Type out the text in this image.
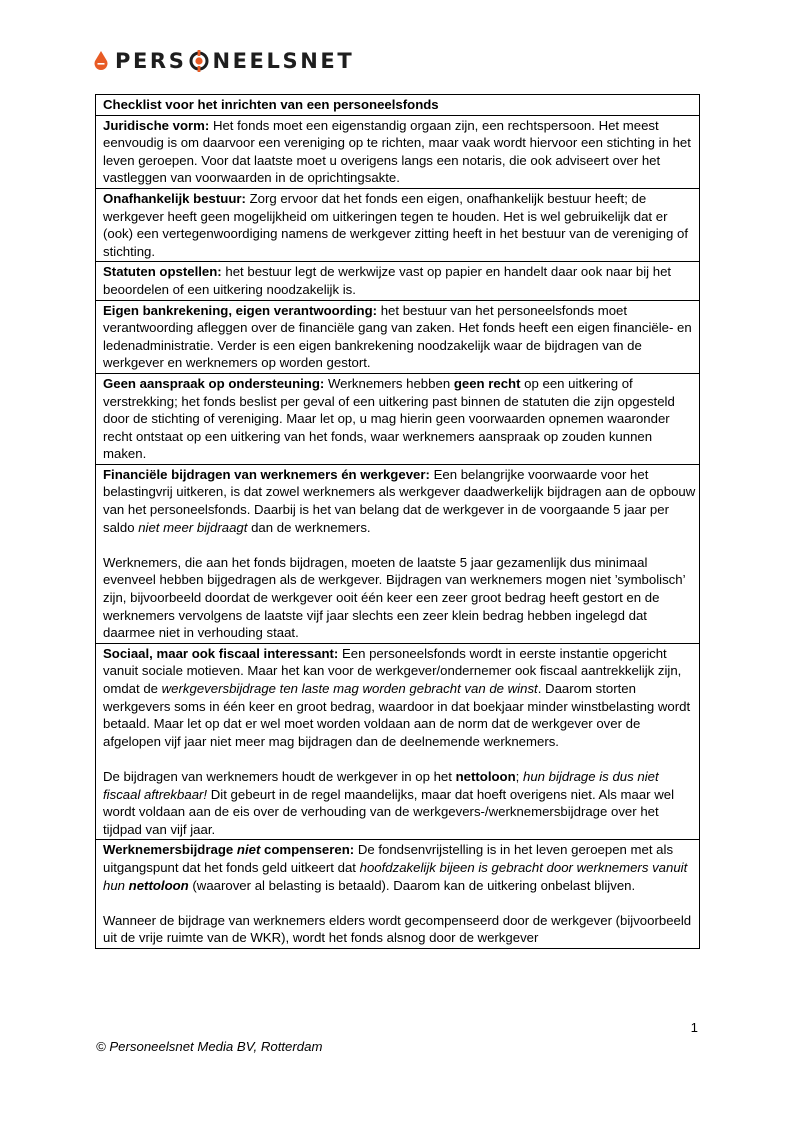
PERS NEELSNET
Checklist voor het inrichten van een personeelsfonds
Juridische vorm: Het fonds moet een eigenstandig orgaan zijn, een rechtspersoon. Het meest eenvoudig is om daarvoor een vereniging op te richten, maar vaak wordt hiervoor een stichting in het leven geroepen. Voor dat laatste moet u overigens langs een notaris, die ook adviseert over het vastleggen van voorwaarden in de oprichtingsakte.
Onafhankelijk bestuur: Zorg ervoor dat het fonds een eigen, onafhankelijk bestuur heeft; de werkgever heeft geen mogelijkheid om uitkeringen tegen te houden. Het is wel gebruikelijk dat er (ook) een vertegenwoordiging namens de werkgever zitting heeft in het bestuur van de vereniging of stichting.
Statuten opstellen: het bestuur legt de werkwijze vast op papier en handelt daar ook naar bij het beoordelen of een uitkering noodzakelijk is.
Eigen bankrekening, eigen verantwoording: het bestuur van het personeelsfonds moet verantwoording afleggen over de financiële gang van zaken. Het fonds heeft een eigen financiële- en ledenadministratie. Verder is een eigen bankrekening noodzakelijk waar de bijdragen van de werkgever en werknemers op worden gestort.
Geen aanspraak op ondersteuning: Werknemers hebben geen recht op een uitkering of verstrekking; het fonds beslist per geval of een uitkering past binnen de statuten die zijn opgesteld door de stichting of vereniging. Maar let op, u mag hierin geen voorwaarden opnemen waaronder recht ontstaat op een uitkering van het fonds, waar werknemers aanspraak op zouden kunnen maken.
Financiële bijdragen van werknemers én werkgever: Een belangrijke voorwaarde voor het belastingvrij uitkeren, is dat zowel werknemers als werkgever daadwerkelijk bijdragen aan de opbouw van het personeelsfonds. Daarbij is het van belang dat de werkgever in de voorgaande 5 jaar per saldo niet meer bijdraagt dan de werknemers.
Werknemers, die aan het fonds bijdragen, moeten de laatste 5 jaar gezamenlijk dus minimaal evenveel hebben bijgedragen als de werkgever. Bijdragen van werknemers mogen niet ’symbolisch’ zijn, bijvoorbeeld doordat de werkgever ooit één keer een zeer groot bedrag heeft gestort en de werknemers vervolgens de laatste vijf jaar slechts een zeer klein bedrag hebben ingelegd dat daarmee niet in verhouding staat.
Sociaal, maar ook fiscaal interessant: Een personeelsfonds wordt in eerste instantie opgericht vanuit sociale motieven. Maar het kan voor de werkgever/ondernemer ook fiscaal aantrekkelijk zijn, omdat de werkgeversbijdrage ten laste mag worden gebracht van de winst. Daarom storten werkgevers soms in één keer en groot bedrag, waardoor in dat boekjaar minder winstbelasting wordt betaald. Maar let op dat er wel moet worden voldaan aan de norm dat de werkgever over de afgelopen vijf jaar niet meer mag bijdragen dan de deelnemende werknemers.
De bijdragen van werknemers houdt de werkgever in op het nettoloon; hun bijdrage is dus niet fiscaal aftrekbaar! Dit gebeurt in de regel maandelijks, maar dat hoeft overigens niet. Als maar wel wordt voldaan aan de eis over de verhouding van de werkgevers-/werknemersbijdrage over het tijdpad van vijf jaar.
Werknemersbijdrage niet compenseren: De fondsenvrijstelling is in het leven geroepen met als uitgangspunt dat het fonds geld uitkeert dat hoofdzakelijk bijeen is gebracht door werknemers vanuit hun nettoloon (waarover al belasting is betaald). Daarom kan de uitkering onbelast blijven.
Wanneer de bijdrage van werknemers elders wordt gecompenseerd door de werkgever (bijvoorbeeld uit de vrije ruimte van de WKR), wordt het fonds alsnog door de werkgever
1
© Personeelsnet Media BV, Rotterdam
